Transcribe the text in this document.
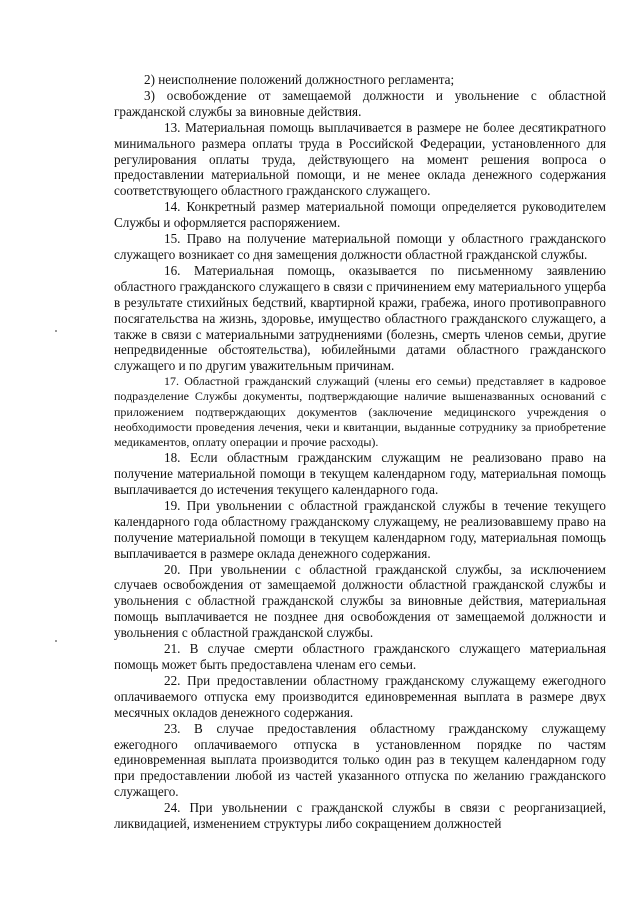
2) неисполнение положений должностного регламента;

3) освобождение от замещаемой должности и увольнение с областной гражданской службы за виновные действия.

13. Материальная помощь выплачивается в размере не более десятикратного минимального размера оплаты труда в Российской Федерации, установленного для регулирования оплаты труда, действующего на момент решения вопроса о предоставлении материальной помощи, и не менее оклада денежного содержания соответствующего областного гражданского служащего.

14. Конкретный размер материальной помощи определяется руководителем Службы и оформляется распоряжением.

15. Право на получение материальной помощи у областного гражданского служащего возникает со дня замещения должности областной гражданской службы.

16. Материальная помощь, оказывается по письменному заявлению областного гражданского служащего в связи с причинением ему материального ущерба в результате стихийных бедствий, квартирной кражи, грабежа, иного противоправного посягательства на жизнь, здоровье, имущество областного гражданского служащего, а также в связи с материальными затруднениями (болезнь, смерть членов семьи, другие непредвиденные обстоятельства), юбилейными датами областного гражданского служащего и по другим уважительным причинам.

17. Областной гражданский служащий (члены его семьи) представляет в кадровое подразделение Службы документы, подтверждающие наличие вышеназванных оснований с приложением подтверждающих документов (заключение медицинского учреждения о необходимости проведения лечения, чеки и квитанции, выданные сотруднику за приобретение медикаментов, оплату операции и прочие расходы).

18. Если областным гражданским служащим не реализовано право на получение материальной помощи в текущем календарном году, материальная помощь выплачивается до истечения текущего календарного года.

19. При увольнении с областной гражданской службы в течение текущего календарного года областному гражданскому служащему, не реализовавшему право на получение материальной помощи в текущем календарном году, материальная помощь выплачивается в размере оклада денежного содержания.

20. При увольнении с областной гражданской службы, за исключением случаев освобождения от замещаемой должности областной гражданской службы и увольнения с областной гражданской службы за виновные действия, материальная помощь выплачивается не позднее дня освобождения от замещаемой должности и увольнения с областной гражданской службы.

21. В случае смерти областного гражданского служащего материальная помощь может быть предоставлена членам его семьи.

22. При предоставлении областному гражданскому служащему ежегодного оплачиваемого отпуска ему производится единовременная выплата в размере двух месячных окладов денежного содержания.

23. В случае предоставления областному гражданскому служащему ежегодного оплачиваемого отпуска в установленном порядке по частям единовременная выплата производится только один раз в текущем календарном году при предоставлении любой из частей указанного отпуска по желанию гражданского служащего.

24. При увольнении с гражданской службы в связи с реорганизацией, ликвидацией, изменением структуры либо сокращением должностей
